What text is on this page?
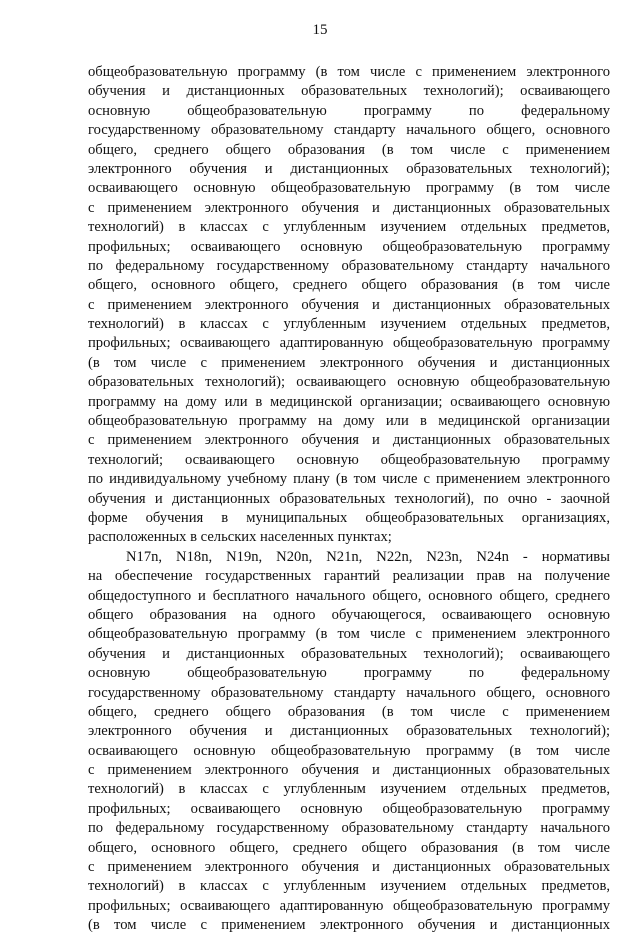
15
общеобразовательную программу (в том числе с применением электронного
обучения и дистанционных образовательных технологий); осваивающего
основную общеобразовательную программу по федеральному
государственному образовательному стандарту начального общего, основного
общего, среднего общего образования (в том числе с применением
электронного обучения и дистанционных образовательных технологий);
осваивающего основную общеобразовательную программу (в том числе
с применением электронного обучения и дистанционных образовательных
технологий) в классах с углубленным изучением отдельных предметов,
профильных; осваивающего основную общеобразовательную программу
по федеральному государственному образовательному стандарту начального
общего, основного общего, среднего общего образования (в том числе
с применением электронного обучения и дистанционных образовательных
технологий) в классах с углубленным изучением отдельных предметов,
профильных; осваивающего адаптированную общеобразовательную программу
(в том числе с применением электронного обучения и дистанционных
образовательных технологий); осваивающего основную общеобразовательную
программу на дому или в медицинской организации; осваивающего основную
общеобразовательную программу на дому или в медицинской организации
с применением электронного обучения и дистанционных образовательных
технологий; осваивающего основную общеобразовательную программу
по индивидуальному учебному плану (в том числе с применением электронного
обучения и дистанционных образовательных технологий), по очно - заочной
форме обучения в муниципальных общеобразовательных организациях,
расположенных в сельских населенных пунктах;
N17n, N18n, N19n, N20n, N21n, N22n, N23n, N24n - нормативы
на обеспечение государственных гарантий реализации прав на получение
общедоступного и бесплатного начального общего, основного общего, среднего
общего образования на одного обучающегося, осваивающего основную
общеобразовательную программу (в том числе с применением электронного
обучения и дистанционных образовательных технологий); осваивающего
основную общеобразовательную программу по федеральному
государственному образовательному стандарту начального общего, основного
общего, среднего общего образования (в том числе с применением
электронного обучения и дистанционных образовательных технологий);
осваивающего основную общеобразовательную программу (в том числе
с применением электронного обучения и дистанционных образовательных
технологий) в классах с углубленным изучением отдельных предметов,
профильных; осваивающего основную общеобразовательную программу
по федеральному государственному образовательному стандарту начального
общего, основного общего, среднего общего образования (в том числе
с применением электронного обучения и дистанционных образовательных
технологий) в классах с углубленным изучением отдельных предметов,
профильных; осваивающего адаптированную общеобразовательную программу
(в том числе с применением электронного обучения и дистанционных
